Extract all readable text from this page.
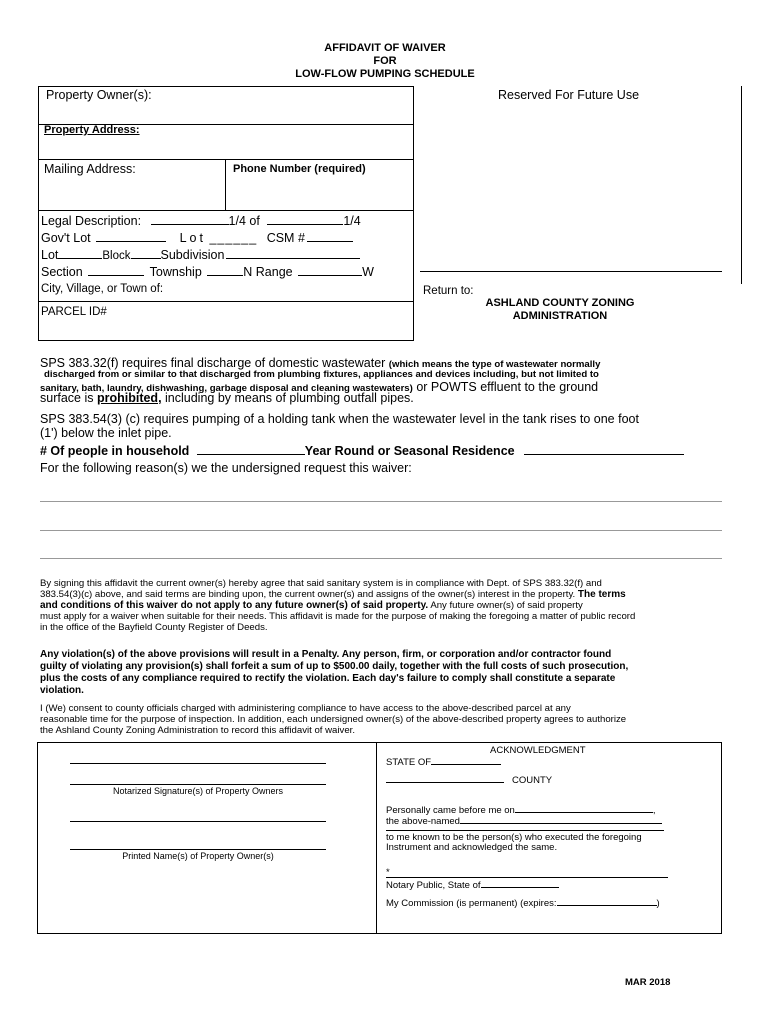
AFFIDAVIT OF WAIVER
FOR
LOW-FLOW PUMPING SCHEDULE
Property Owner(s):	Reserved For Future Use
Property Address:
Mailing Address:	Phone Number (required)
Legal Description:	1/4 of	1/4
Gov't Lot	Lot ______ CSM #
Lot	Block Subdivision
Section	Township	N Range	W
City, Village, or Town of:
PARCEL ID#
Return to:
ASHLAND COUNTY ZONING
ADMINISTRATION
SPS 383.32(f) requires final discharge of domestic wastewater (which means the type of wastewater normally
discharged from or similar to that discharged from plumbing fixtures, appliances and devices including, but not limited to
sanitary, bath, laundry, dishwashing, garbage disposal and cleaning wastewaters) or POWTS effluent to the ground
surface is prohibited, including by means of plumbing outfall pipes.
SPS 383.54(3) (c) requires pumping of a holding tank when the wastewater level in the tank rises to one foot
(1') below the inlet pipe.
# Of people in household	Year Round or Seasonal Residence
For the following reason(s) we the undersigned request this waiver:
By signing this affidavit the current owner(s) hereby agree that said sanitary system is in compliance with Dept. of SPS 383.32(f) and
383.54(3)(c) above, and said terms are binding upon, the current owner(s) and assigns of the owner(s) interest in the property. The terms
and conditions of this waiver do not apply to any future owner(s) of said property. Any future owner(s) of said property
must apply for a waiver when suitable for their needs. This affidavit is made for the purpose of making the foregoing a matter of public record
in the office of the Bayfield County Register of Deeds.
Any violation(s) of the above provisions will result in a Penalty. Any person, firm, or corporation and/or contractor found
guilty of violating any provision(s) shall forfeit a sum of up to $500.00 daily, together with the full costs of such prosecution,
plus the costs of any compliance required to rectify the violation. Each day's failure to comply shall constitute a separate
violation.
I (We) consent to county officials charged with administering compliance to have access to the above-described parcel at any
reasonable time for the purpose of inspection. In addition, each undersigned owner(s) of the above-described property agrees to authorize
the Ashland County Zoning Administration to record this affidavit of waiver.
Notarized Signature(s) of Property Owners
Printed Name(s) of Property Owner(s)
ACKNOWLEDGMENT
STATE OF
COUNTY
Personally came before me on	,
the above-named
to me known to be the person(s) who executed the foregoing
Instrument and acknowledged the same.
*
Notary Public, State of
My Commission (is permanent) (expires:	)
MAR 2018
